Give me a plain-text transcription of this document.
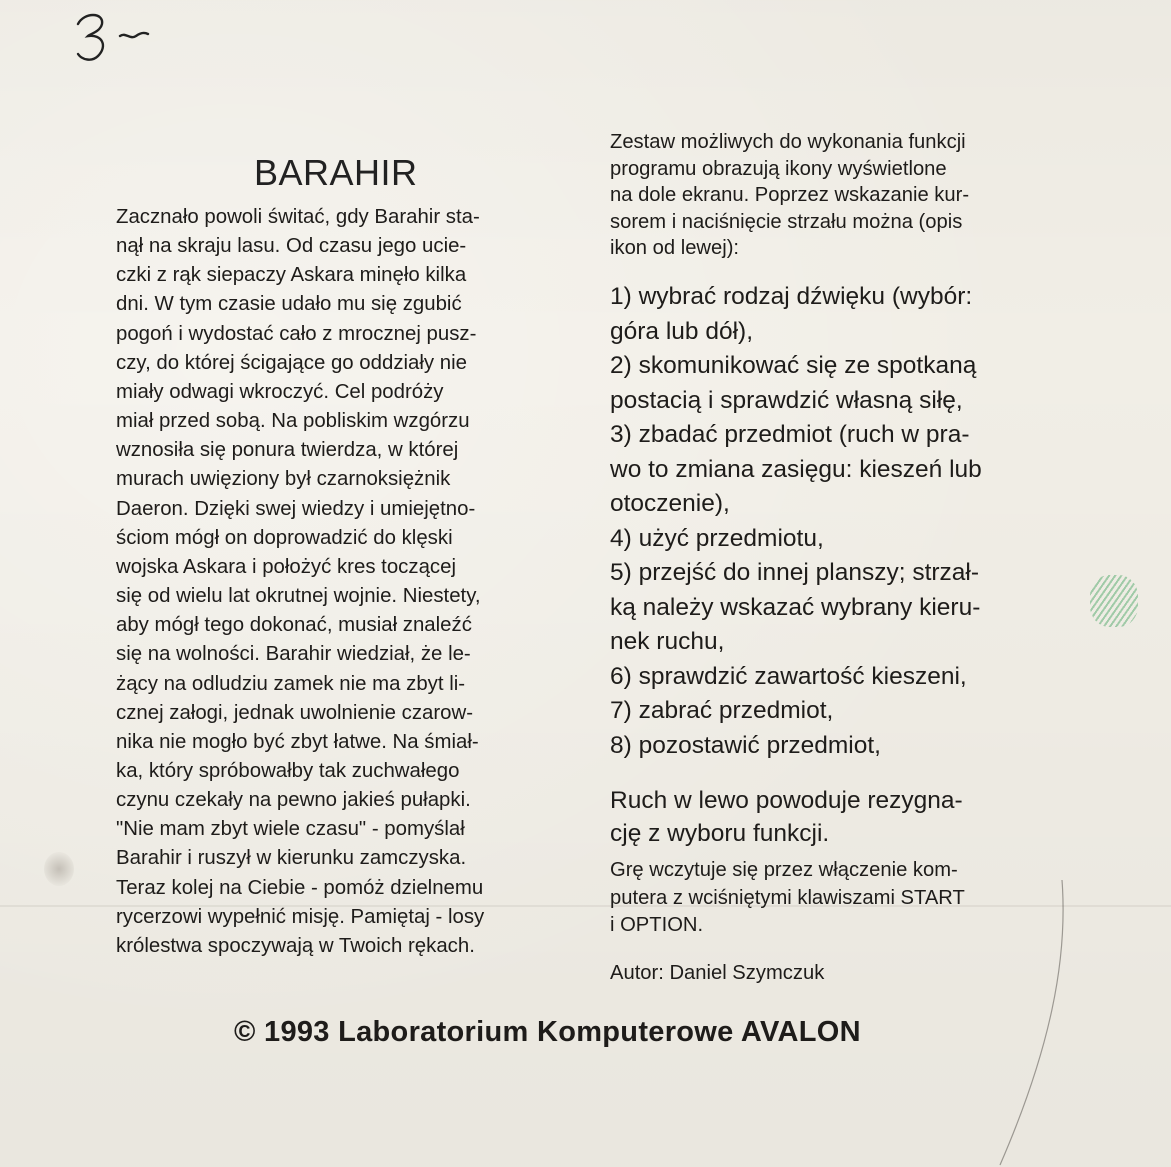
BARAHIR

Zacznało powoli świtać, gdy Barahir sta-

nął na skraju lasu. Od czasu jego ucie-

czki z rąk siepaczy Askara minęło kilka

dni. W tym czasie udało mu się zgubić

pogoń i wydostać cało z mrocznej pusz-

czy, do której ścigające go oddziały nie

miały odwagi wkroczyć. Cel podróży

miał przed sobą. Na pobliskim wzgórzu

wznosiła się ponura twierdza, w której

murach uwięziony był czarnoksiężnik

Daeron. Dzięki swej wiedzy i umiejętno-

ściom mógł on doprowadzić do klęski

wojska Askara i położyć kres toczącej

się od wielu lat okrutnej wojnie. Niestety,

aby mógł tego dokonać, musiał znaleźć

się na wolności. Barahir wiedział, że le-

żący na odludziu zamek nie ma zbyt li-

cznej załogi, jednak uwolnienie czarow-

nika nie mogło być zbyt łatwe. Na śmiał-

ka, który spróbowałby tak zuchwałego

czynu czekały na pewno jakieś pułapki.

"Nie mam zbyt wiele czasu" - pomyślał

Barahir i ruszył w kierunku zamczyska.

Teraz kolej na Ciebie - pomóż dzielnemu

rycerzowi wypełnić misję. Pamiętaj - losy

królestwa spoczywają w Twoich rękach.

Zestaw możliwych do wykonania funkcji

programu obrazują ikony wyświetlone

na dole ekranu. Poprzez wskazanie kur-

sorem i naciśnięcie strzału można (opis

ikon od lewej):

1) wybrać rodzaj dźwięku (wybór:
góra lub dół),
2) skomunikować się ze spotkaną
postacią i sprawdzić własną siłę,
3) zbadać przedmiot (ruch w pra-
wo to zmiana zasięgu: kieszeń lub
otoczenie),
4) użyć przedmiotu,
5) przejść do innej planszy; strzał-
ką należy wskazać wybrany kieru-
nek ruchu,
6) sprawdzić zawartość kieszeni,
7) zabrać przedmiot,
8) pozostawić przedmiot,
Ruch w lewo powoduje rezygna-
cję z wyboru funkcji.
Grę wczytuje się przez włączenie kom-
putera z wciśniętymi klawiszami START
i OPTION.

Autor: Daniel Szymczuk

© 1993 Laboratorium Komputerowe AVALON
